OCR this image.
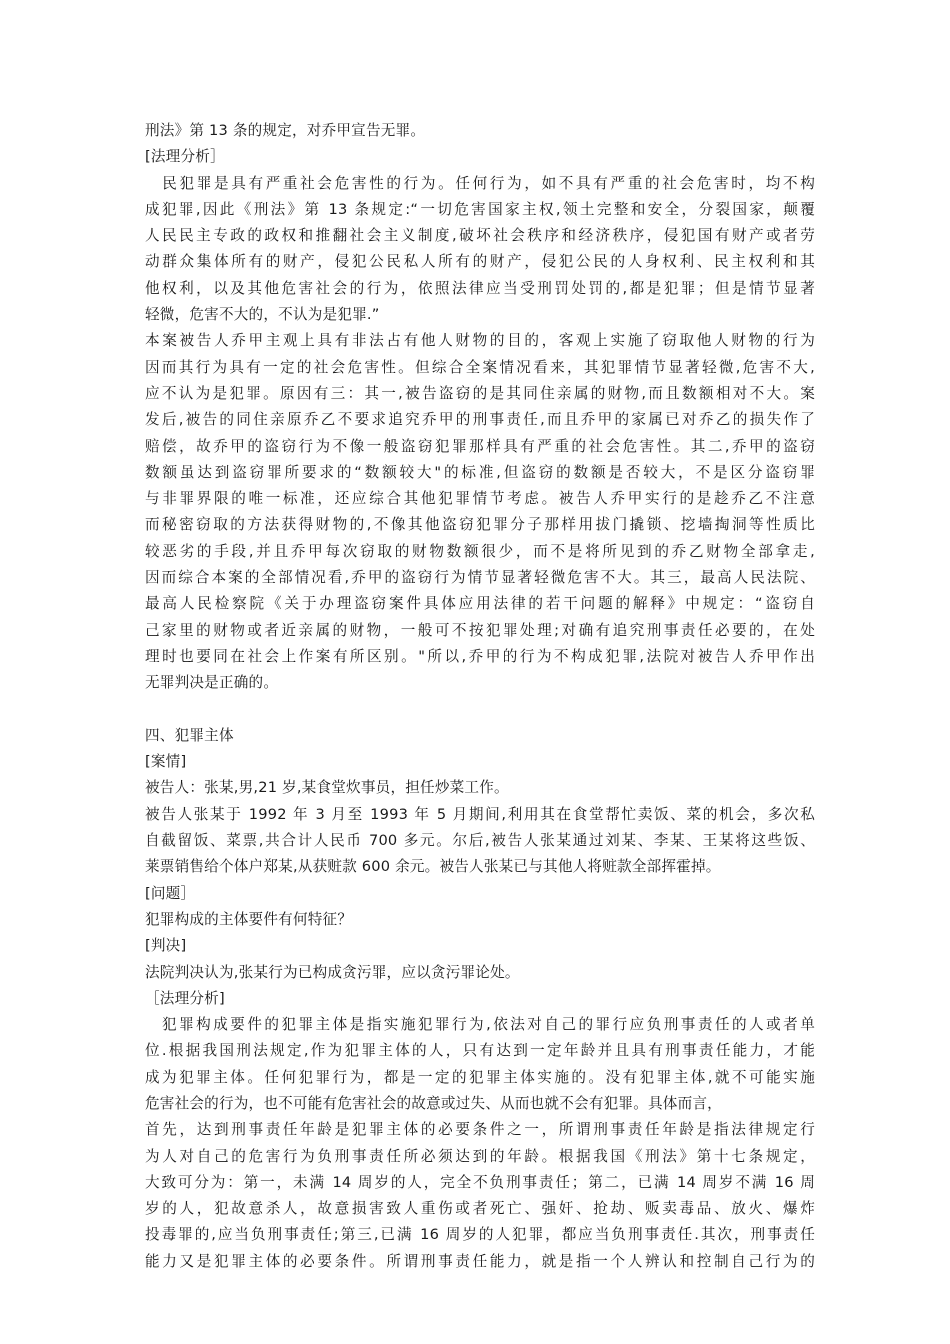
刑法》第 13 条的规定，对乔甲宣告无罪。
[法理分析］
　民犯罪是具有严重社会危害性的行为。任何行为，如不具有严重的社会危害时，均不构
成犯罪,因此《刑法》第 13 条规定:“一切危害国家主权,领土完整和安全，分裂国家，颠覆
人民民主专政的政权和推翻社会主义制度,破坏社会秩序和经济秩序，侵犯国有财产或者劳
动群众集体所有的财产，侵犯公民私人所有的财产，侵犯公民的人身权利、民主权利和其
他权利，以及其他危害社会的行为，依照法律应当受刑罚处罚的,都是犯罪；但是情节显著
轻微，危害不大的，不认为是犯罪.”
本案被告人乔甲主观上具有非法占有他人财物的目的，客观上实施了窃取他人财物的行为
因而其行为具有一定的社会危害性。但综合全案情况看来，其犯罪情节显著轻微,危害不大,
应不认为是犯罪。原因有三：其一,被告盗窃的是其同住亲属的财物,而且数额相对不大。案
发后,被告的同住亲原乔乙不要求追究乔甲的刑事责任,而且乔甲的家属已对乔乙的损失作了
赔偿，故乔甲的盗窃行为不像一般盗窃犯罪那样具有严重的社会危害性。其二,乔甲的盗窃
数额虽达到盗窃罪所要求的“数额较大"的标准,但盗窃的数额是否较大，不是区分盗窃罪
与非罪界限的唯一标准，还应综合其他犯罪情节考虑。被告人乔甲实行的是趁乔乙不注意
而秘密窃取的方法获得财物的,不像其他盗窃犯罪分子那样用拔门撬锁、挖墙掏洞等性质比
较恶劣的手段,并且乔甲每次窃取的财物数额很少，而不是将所见到的乔乙财物全部拿走,
因而综合本案的全部情况看,乔甲的盗窃行为情节显著轻微危害不大。其三，最高人民法院、
最高人民检察院《关于办理盗窃案件具体应用法律的若干问题的解释》中规定：“盗窃自
己家里的财物或者近亲属的财物，一般可不按犯罪处理;对确有追究刑事责任必要的，在处
理时也要同在社会上作案有所区别。"所以,乔甲的行为不构成犯罪,法院对被告人乔甲作出
无罪判决是正确的。
四、犯罪主体
[案情]
被告人：张某,男,21 岁,某食堂炊事员，担任炒菜工作。
被告人张某于 1992 年 3 月至 1993 年 5 月期间,利用其在食堂帮忙卖饭、菜的机会，多次私
自截留饭、菜票,共合计人民币 700 多元。尔后,被告人张某通过刘某、李某、王某将这些饭、
莱票销售给个体户郑某,从获赃款 600 余元。被告人张某已与其他人将赃款全部挥霍掉。
[问题］
犯罪构成的主体要件有何特征？
[判决]
法院判决认为,张某行为已构成贪污罪，应以贪污罪论处。
［法理分析]
　犯罪构成要件的犯罪主体是指实施犯罪行为,依法对自己的罪行应负刑事责任的人或者单
位.根据我国刑法规定,作为犯罪主体的人，只有达到一定年龄并且具有刑事责任能力，才能
成为犯罪主体。任何犯罪行为，都是一定的犯罪主体实施的。没有犯罪主体,就不可能实施
危害社会的行为，也不可能有危害社会的故意或过失、从而也就不会有犯罪。具体而言，
首先，达到刑事责任年龄是犯罪主体的必要条件之一，所谓刑事责任年龄是指法律规定行
为人对自己的危害行为负刑事责任所必须达到的年龄。根据我国《刑法》第十七条规定，
大致可分为：第一，未满 14 周岁的人，完全不负刑事责任；第二，已满 14 周岁不满 16 周
岁的人，犯故意杀人，故意损害致人重伤或者死亡、强奸、抢劫、贩卖毒品、放火、爆炸
投毒罪的,应当负刑事责任;第三,已满 16 周岁的人犯罪，都应当负刑事责任.其次，刑事责任
能力又是犯罪主体的必要条件。所谓刑事责任能力，就是指一个人辨认和控制自己行为的
